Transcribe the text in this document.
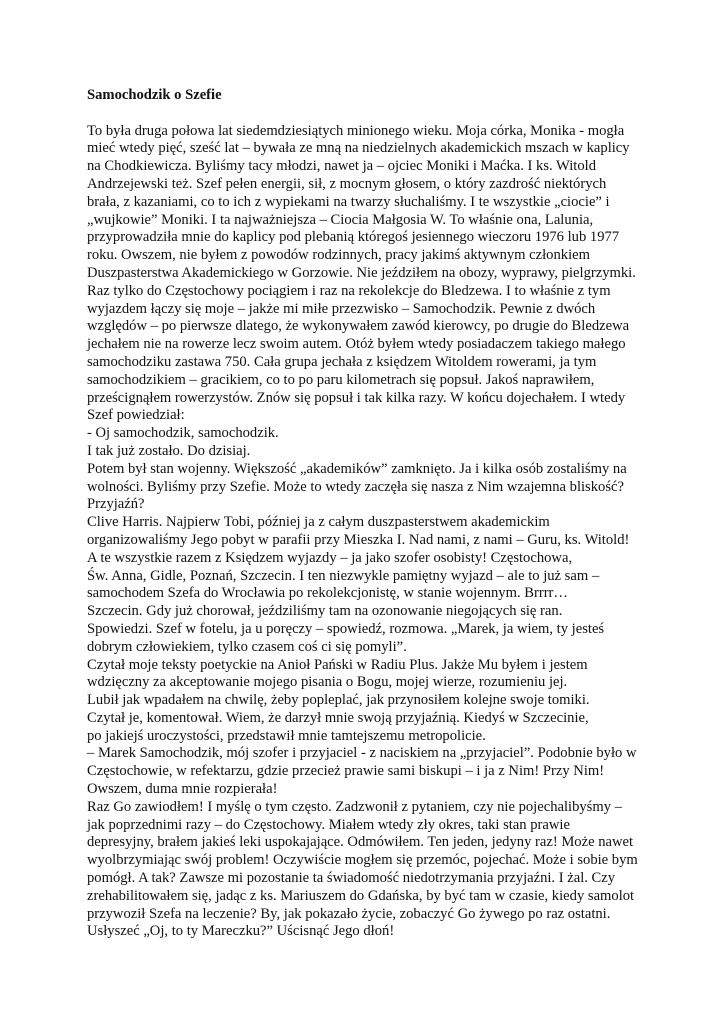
Samochodzik o Szefie
To była druga połowa lat siedemdziesiątych minionego wieku. Moja córka, Monika - mogła
mieć wtedy pięć, sześć lat – bywała ze mną na niedzielnych akademickich mszach w kaplicy
na Chodkiewicza. Byliśmy tacy młodzi, nawet ja – ojciec Moniki i Maćka. I ks. Witold
Andrzejewski też. Szef pełen energii, sił, z mocnym głosem, o który zazdrość niektórych
brała, z kazaniami, co to ich z wypiekami na twarzy słuchaliśmy. I te wszystkie „ciocie” i
„wujkowie” Moniki. I ta najważniejsza – Ciocia Małgosia W. To właśnie ona, Lalunia,
przyprowadziła mnie do kaplicy pod plebanią któregoś jesiennego wieczoru 1976 lub 1977
roku. Owszem, nie byłem z powodów rodzinnych, pracy jakimś aktywnym członkiem
Duszpasterstwa Akademickiego w Gorzowie. Nie jeździłem na obozy, wyprawy, pielgrzymki.
Raz tylko do Częstochowy pociągiem i raz na rekolekcje do Bledzewa. I to właśnie z tym
wyjazdem łączy się moje – jakże mi miłe przezwisko – Samochodzik. Pewnie z dwóch
względów – po pierwsze dlatego, że wykonywałem zawód kierowcy, po drugie do Bledzewa
jechałem nie na rowerze lecz swoim autem. Otóż byłem wtedy posiadaczem takiego małego
samochodziku zastawa 750. Cała grupa jechała z księdzem Witoldem rowerami, ja tym
samochodzikiem – gracikiem, co to po paru kilometrach się popsuł. Jakoś naprawiłem,
prześcignąłem rowerzystów. Znów się popsuł i tak kilka razy. W końcu dojechałem. I wtedy
Szef powiedział:
- Oj samochodzik, samochodzik.
I tak już zostało. Do dzisiaj.
Potem był stan wojenny. Większość „akademików” zamknięto. Ja i kilka osób zostaliśmy na
wolności. Byliśmy przy Szefie. Może to wtedy zaczęła się nasza z Nim wzajemna bliskość?
Przyjaźń?
Clive Harris. Najpierw Tobi, później ja z całym duszpasterstwem akademickim
organizowaliśmy Jego pobyt w parafii przy Mieszka I. Nad nami, z nami – Guru, ks. Witold!
A te wszystkie razem z Księdzem wyjazdy – ja jako szofer osobisty! Częstochowa,
Św. Anna, Gidle, Poznań, Szczecin. I ten niezwykle pamiętny wyjazd – ale to już sam –
samochodem Szefa do Wrocławia po rekolekcjonistę, w stanie wojennym. Brrrr…
Szczecin. Gdy już chorował, jeździliśmy tam na ozonowanie niegojących się ran.
Spowiedzi. Szef w fotelu, ja u poręczy – spowiedź, rozmowa. „Marek, ja wiem, ty jesteś
dobrym człowiekiem, tylko czasem coś ci się pomyli”.
Czytał moje teksty poetyckie na Anioł Pański w Radiu Plus. Jakże Mu byłem i jestem
wdzięczny za akceptowanie mojego pisania o Bogu, mojej wierze, rozumieniu jej.
Lubił jak wpadałem na chwilę, żeby popleplać, jak przynosiłem kolejne swoje tomiki.
Czytał je, komentował. Wiem, że darzył mnie swoją przyjaźnią. Kiedyś w Szczecinie,
po jakiejś uroczystości, przedstawił mnie tamtejszemu metropolicie.
– Marek Samochodzik, mój szofer i przyjaciel - z naciskiem na „przyjaciel”. Podobnie było w
Częstochowie, w refektarzu, gdzie przecież prawie sami biskupi – i ja z Nim! Przy Nim!
Owszem, duma mnie rozpierała!
Raz Go zawiodłem! I myślę o tym często. Zadzwonił z pytaniem, czy nie pojechalibyśmy –
jak poprzednimi razy – do Częstochowy. Miałem wtedy zły okres, taki stan prawie
depresyjny, brałem jakieś leki uspokajające. Odmówiłem. Ten jeden, jedyny raz! Może nawet
wyolbrzymiając swój problem! Oczywiście mogłem się przemóc, pojechać. Może i sobie bym
pomógł. A tak? Zawsze mi pozostanie ta świadomość niedotrzymania przyjaźni. I żal. Czy
zrehabilitowałem się, jadąc z ks. Mariuszem do Gdańska, by być tam w czasie, kiedy samolot
przywoził Szefa na leczenie? By, jak pokazało życie, zobaczyć Go żywego po raz ostatni.
Usłyszeć „Oj, to ty Mareczku?” Uścisnąć Jego dłoń!
